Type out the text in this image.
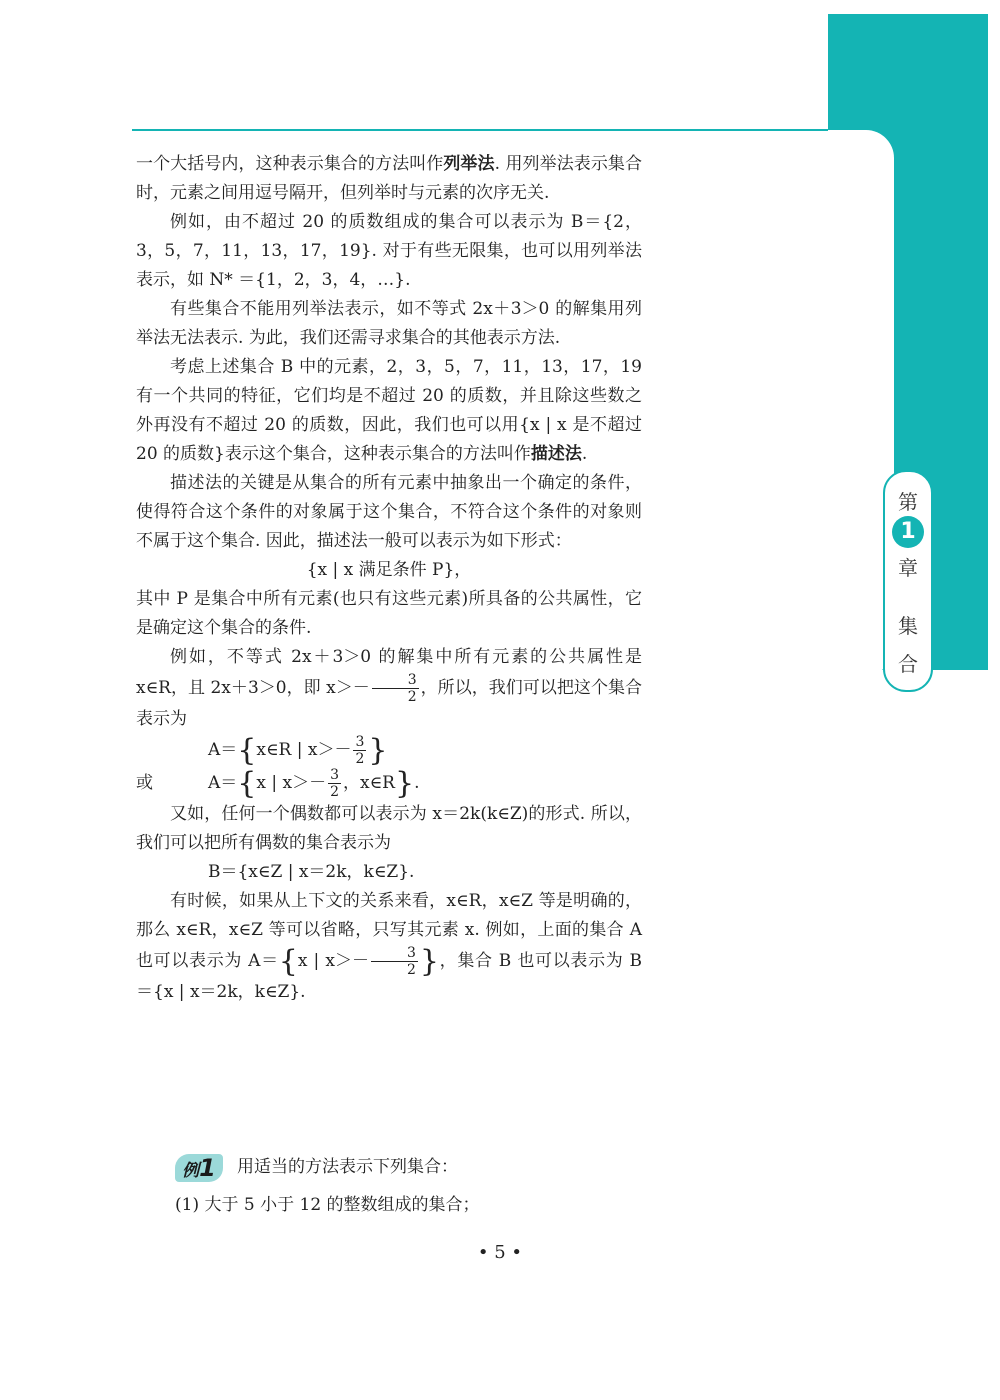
第
1
章
集
合

一个大括号内，这种表示集合的方法叫作列举法. 用列举法表示集合时，元素之间用逗号隔开，但列举时与元素的次序无关.

例如，由不超过 20 的质数组成的集合可以表示为 B＝{2，3，5，7，11，13，17，19}. 对于有些无限集，也可以用列举法表示，如 N* ＝{1，2，3，4，…}.

有些集合不能用列举法表示，如不等式 2x＋3＞0 的解集用列举法无法表示. 为此，我们还需寻求集合的其他表示方法.

考虑上述集合 B 中的元素，2，3，5，7，11，13，17，19 有一个共同的特征，它们均是不超过 20 的质数，并且除这些数之外再没有不超过 20 的质数，因此，我们也可以用{x | x 是不超过 20 的质数}表示这个集合，这种表示集合的方法叫作描述法.

描述法的关键是从集合的所有元素中抽象出一个确定的条件，使得符合这个条件的对象属于这个集合，不符合这个条件的对象则不属于这个集合. 因此，描述法一般可以表示为如下形式：

{x | x 满足条件 P}，

其中 P 是集合中所有元素(也只有这些元素)所具备的公共属性，它是确定这个集合的条件.

例如，不等式 2x＋3＞0 的解集中所有元素的公共属性是 x∈R，且 2x＋3＞0，即 $x>- \frac{3}{2}$ ，所以，我们可以把这个集合表示为

A＝{x∈R | $x>- \frac{3}{2}$ }

或	A＝{x | $x>- \frac{3}{2}$ ，x∈R}.

又如，任何一个偶数都可以表示为 x＝2k(k∈Z)的形式. 所以，我们可以把所有偶数的集合表示为

B＝{x∈Z | x＝2k，k∈Z}.

有时候，如果从上下文的关系来看，x∈R，x∈Z 等是明确的，那么 x∈R，x∈Z 等可以省略，只写其元素 x. 例如，上面的集合 A 也可以表示为 A＝{x | $x>- \frac{3}{2}$ }，集合 B 也可以表示为 B＝{x | x＝2k，k∈Z}.

例1 用适当的方法表示下列集合：
(1) 大于 5 小于 12 的整数组成的集合；
• 5 •
